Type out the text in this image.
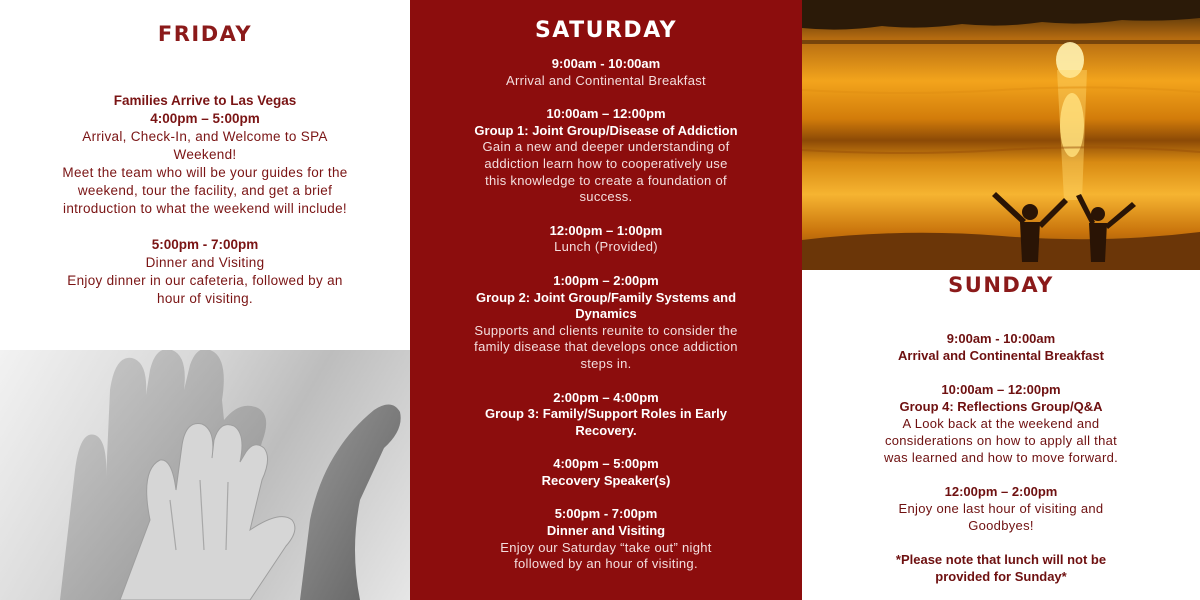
FRIDAY
Families Arrive to Las Vegas
4:00pm – 5:00pm
Arrival, Check-In, and Welcome to SPA
Weekend!
Meet the team who will be your guides for the
weekend, tour the facility, and get a brief
introduction to what the weekend will include!
5:00pm - 7:00pm
Dinner and Visiting
Enjoy dinner in our cafeteria, followed by an
hour of visiting.
SATURDAY
9:00am - 10:00am
Arrival and Continental Breakfast
10:00am – 12:00pm
Group 1: Joint Group/Disease of Addiction
Gain a new and deeper understanding of
addiction learn how to cooperatively use
this knowledge to create a foundation of
success.
12:00pm – 1:00pm
Lunch (Provided)
1:00pm – 2:00pm
Group 2: Joint Group/Family Systems and
Dynamics
Supports and clients reunite to consider the
family disease that develops once addiction
steps in.
2:00pm – 4:00pm
Group 3: Family/Support Roles in Early
Recovery.
4:00pm – 5:00pm
Recovery Speaker(s)
5:00pm - 7:00pm
Dinner and Visiting
Enjoy our Saturday “take out” night
followed by an hour of visiting.
SUNDAY
9:00am - 10:00am
Arrival and Continental Breakfast
10:00am – 12:00pm
Group 4: Reflections Group/Q&A
A Look back at the weekend and
considerations on how to apply all that
was learned and how to move forward.
12:00pm – 2:00pm
Enjoy one last hour of visiting and
Goodbyes!
*Please note that lunch will not be
provided for Sunday*
